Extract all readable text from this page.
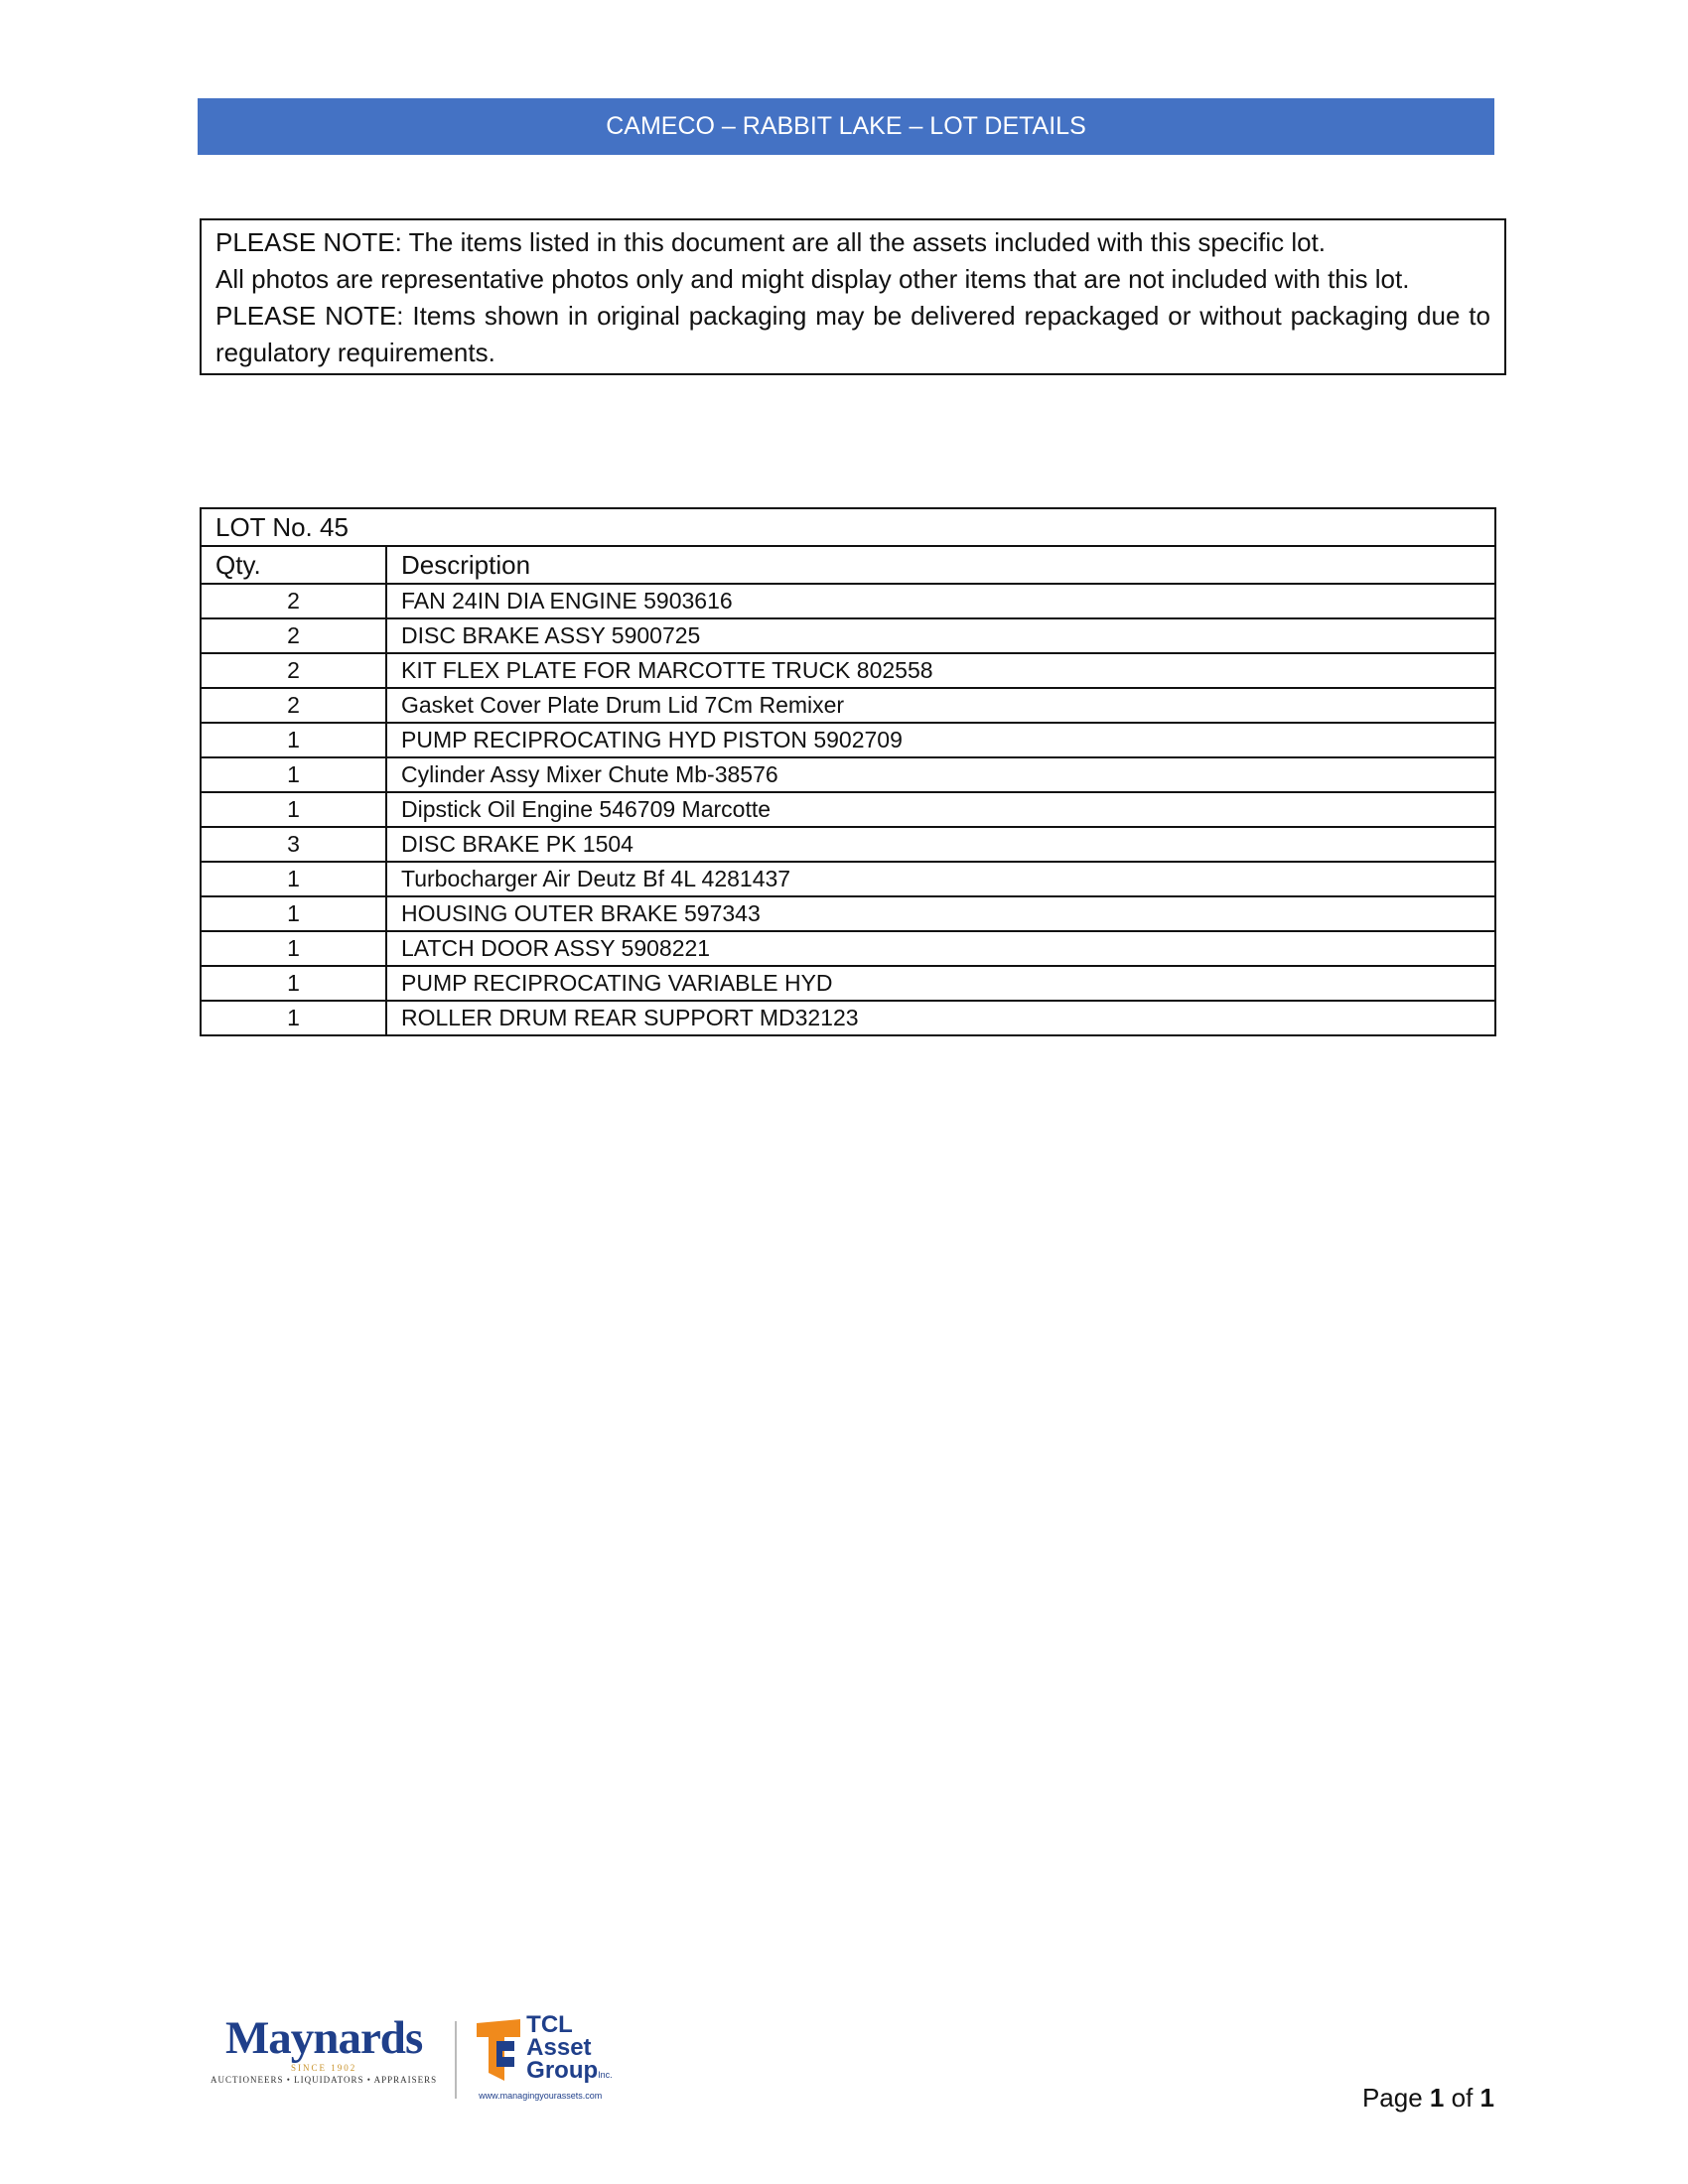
CAMECO – RABBIT LAKE – LOT DETAILS

PLEASE NOTE: The items listed in this document are all the assets included with this specific lot.

All photos are representative photos only and might display other items that are not included with this lot.

PLEASE NOTE: Items shown in original packaging may be delivered repackaged or without packaging due to regulatory requirements.

LOT No. 45	
Qty.	Description
2	FAN 24IN DIA ENGINE 5903616
2	DISC BRAKE ASSY 5900725
2	KIT FLEX PLATE FOR MARCOTTE TRUCK 802558
2	Gasket Cover Plate Drum Lid 7Cm Remixer
1	PUMP RECIPROCATING HYD PISTON 5902709
1	Cylinder Assy Mixer Chute Mb-38576
1	Dipstick Oil Engine 546709 Marcotte
3	DISC BRAKE PK 1504
1	Turbocharger Air Deutz Bf 4L 4281437
1	HOUSING OUTER BRAKE 597343
1	LATCH DOOR ASSY 5908221
1	PUMP RECIPROCATING VARIABLE HYD
1	ROLLER DRUM REAR SUPPORT MD32123
Maynards
SINCE 1902
AUCTIONEERS • LIQUIDATORS • APPRAISERS
TCL
Asset
GroupInc.
www.managingyourassets.com	Page 1 of 1
